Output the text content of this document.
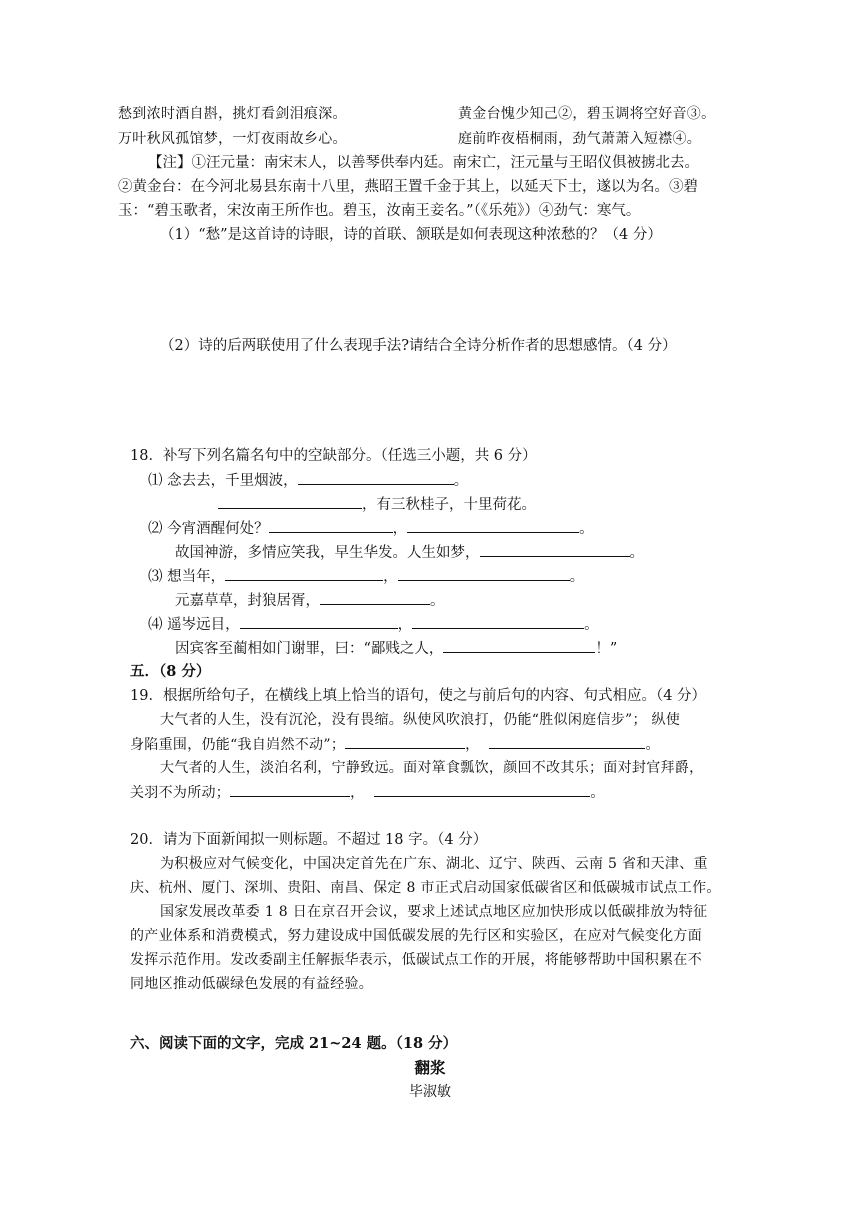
愁到浓时酒自斟，挑灯看剑泪痕深。	黄金台愧少知己②，碧玉调将空好音③。
万叶秋风孤馆梦，一灯夜雨故乡心。	庭前昨夜梧桐雨，劲气萧萧入短襟④。
【注】①汪元量：南宋末人，以善琴供奉内廷。南宋亡，汪元量与王昭仪俱被掳北去。
②黄金台：在今河北易县东南十八里，燕昭王置千金于其上，以延天下士，遂以为名。③碧
玉：“碧玉歌者，宋汝南王所作也。碧玉，汝南王妾名。”（《乐苑》）④劲气：寒气。
（1）“愁”是这首诗的诗眼，诗的首联、颔联是如何表现这种浓愁的？（4 分）
（2）诗的后两联使用了什么表现手法?请结合全诗分析作者的思想感情。（4 分）
18．补写下列名篇名句中的空缺部分。（任选三小题，共 6 分）
⑴ 念去去，千里烟波，	。
，有三秋桂子，十里荷花。
⑵ 今宵酒醒何处？	，	。
故国神游，多情应笑我，早生华发。人生如梦，	。
⑶ 想当年，	，	。
元嘉草草，封狼居胥，	。
⑷ 遥岑远目，	，	。
因宾客至蔺相如门谢罪，曰：“鄙贱之人，	！”
五．（8 分）
19．根据所给句子，在横线上填上恰当的语句，使之与前后句的内容、句式相应。（4 分）
大气者的人生，没有沉沦，没有畏缩。纵使风吹浪打，仍能“胜似闲庭信步”； 纵使
身陷重围，仍能“我自岿然不动”；	，	。
大气者的人生，淡泊名利，宁静致远。面对箪食瓢饮，颜回不改其乐；面对封官拜爵，
关羽不为所动；	，	。
20．请为下面新闻拟一则标题。不超过 18 字。（4 分）
为积极应对气候变化，中国决定首先在广东、湖北、辽宁、陕西、云南 5 省和天津、重
庆、杭州、厦门、深圳、贵阳、南昌、保定 8 市正式启动国家低碳省区和低碳城市试点工作。
国家发展改革委 1 8 日在京召开会议，要求上述试点地区应加快形成以低碳排放为特征
的产业体系和消费模式，努力建设成中国低碳发展的先行区和实验区，在应对气候变化方面
发挥示范作用。发改委副主任解振华表示，低碳试点工作的开展，将能够帮助中国积累在不
同地区推动低碳绿色发展的有益经验。
六、阅读下面的文字，完成 21~24 题。（18 分）
翻浆
毕淑敏
